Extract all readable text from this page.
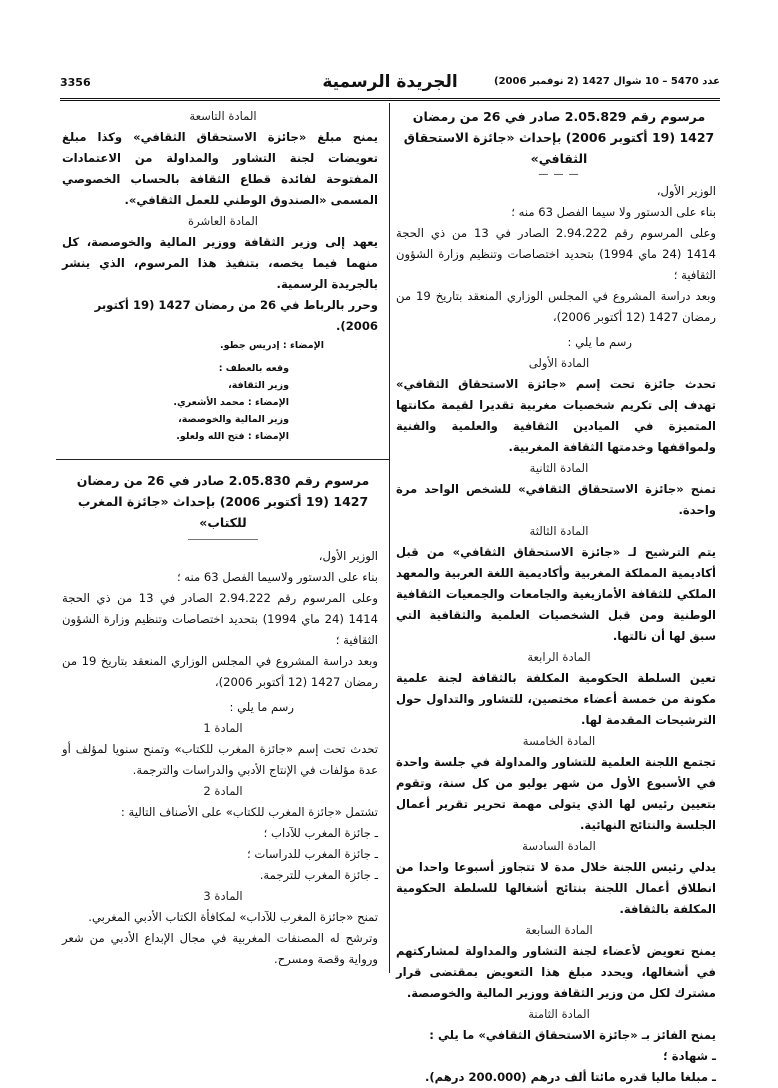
3356	الجريدة الرسمية	عدد 5470 – 10 شوال 1427 (2 نوفمبر 2006)

مرسوم رقم 2.05.829 صادر في 26 من رمضان 1427 (19 أكتوبر 2006) بإحداث «جائزة الاستحقاق الثقافي»

— — —

الوزير الأول،

بناء على الدستور ولا سيما الفصل 63 منه ؛

وعلى المرسوم رقم 2.94.222 الصادر في 13 من ذي الحجة 1414 (24 ماي 1994) بتحديد اختصاصات وتنظيم وزارة الشؤون الثقافية ؛

وبعد دراسة المشروع في المجلس الوزاري المنعقد بتاريخ 19 من رمضان 1427 (12 أكتوبر 2006)،

رسم ما يلي :

المادة الأولى

تحدث جائزة تحت إسم «جائزة الاستحقاق الثقافي» تهدف إلى تكريم شخصيات مغربية تقديرا لقيمة مكانتها المتميزة في الميادين الثقافية والعلمية والفنية ولمواقفها وخدمتها الثقافة المغربية.

المادة الثانية

تمنح «جائزة الاستحقاق الثقافي» للشخص الواحد مرة واحدة.

المادة الثالثة

يتم الترشيح لـ «جائزة الاستحقاق الثقافي» من قبل أكاديمية المملكة المغربية وأكاديمية اللغة العربية والمعهد الملكي للثقافة الأمازيغية والجامعات والجمعيات الثقافية الوطنية ومن قبل الشخصيات العلمية والثقافية التي سبق لها أن نالتها.

المادة الرابعة

تعين السلطة الحكومية المكلفة بالثقافة لجنة علمية مكونة من خمسة أعضاء مختصين، للتشاور والتداول حول الترشيحات المقدمة لها.

المادة الخامسة

تجتمع اللجنة العلمية للتشاور والمداولة في جلسة واحدة في الأسبوع الأول من شهر يوليو من كل سنة، وتقوم بتعيين رئيس لها الذي يتولى مهمة تحرير تقرير أعمال الجلسة والنتائج النهائية.

المادة السادسة

يدلي رئيس اللجنة خلال مدة لا تتجاوز أسبوعا واحدا من انطلاق أعمال اللجنة بنتائج أشغالها للسلطة الحكومية المكلفة بالثقافة.

المادة السابعة

يمنح تعويض لأعضاء لجنة التشاور والمداولة لمشاركتهم في أشغالها، ويحدد مبلغ هذا التعويض بمقتضى قرار مشترك لكل من وزير الثقافة ووزير المالية والخوصصة.

المادة الثامنة

يمنح الفائز بـ «جائزة الاستحقاق الثقافي» ما يلي :

ـ شهادة ؛

ـ مبلغا ماليا قدره مائتا ألف درهم (200.000 درهم).

المادة التاسعة

يمنح مبلغ «جائزة الاستحقاق الثقافي» وكذا مبلغ تعويضات لجنة التشاور والمداولة من الاعتمادات المفتوحة لفائدة قطاع الثقافة بالحساب الخصوصي المسمى «الصندوق الوطني للعمل الثقافي».

المادة العاشرة

يعهد إلى وزير الثقافة ووزير المالية والخوصصة، كل منهما فيما يخصه، بتنفيذ هذا المرسوم، الذي ينشر بالجريدة الرسمية.

وحرر بالرباط في 26 من رمضان 1427 (19 أكتوبر 2006).

الإمضاء : إدريس جطو.

وقعه بالعطف :

وزير الثقافة،

الإمضاء : محمد الأشعري.

وزير المالية والخوصصة،

الإمضاء : فتح الله ولعلو.

مرسوم رقم 2.05.830 صادر في 26 من رمضان 1427 (19 أكتوبر 2006) بإحداث «جائزة المغرب للكتاب»

الوزير الأول،

بناء على الدستور ولاسيما الفصل 63 منه ؛

وعلى المرسوم رقم 2.94.222 الصادر في 13 من ذي الحجة 1414 (24 ماي 1994) بتحديد اختصاصات وتنظيم وزارة الشؤون الثقافية ؛

وبعد دراسة المشروع في المجلس الوزاري المنعقد بتاريخ 19 من رمضان 1427 (12 أكتوبر 2006)،

رسم ما يلي :

المادة 1

تحدث تحت إسم «جائزة المغرب للكتاب» وتمنح سنويا لمؤلف أو عدة مؤلفات في الإنتاج الأدبي والدراسات والترجمة.

المادة 2

تشتمل «جائزة المغرب للكتاب» على الأصناف التالية :

ـ جائزة المغرب للآداب ؛

ـ جائزة المغرب للدراسات ؛

ـ جائزة المغرب للترجمة.

المادة 3

تمنح «جائزة المغرب للآداب» لمكافأة الكتاب الأدبي المغربي.

وترشح له المصنفات المغربية في مجال الإبداع الأدبي من شعر ورواية وقصة ومسرح.
